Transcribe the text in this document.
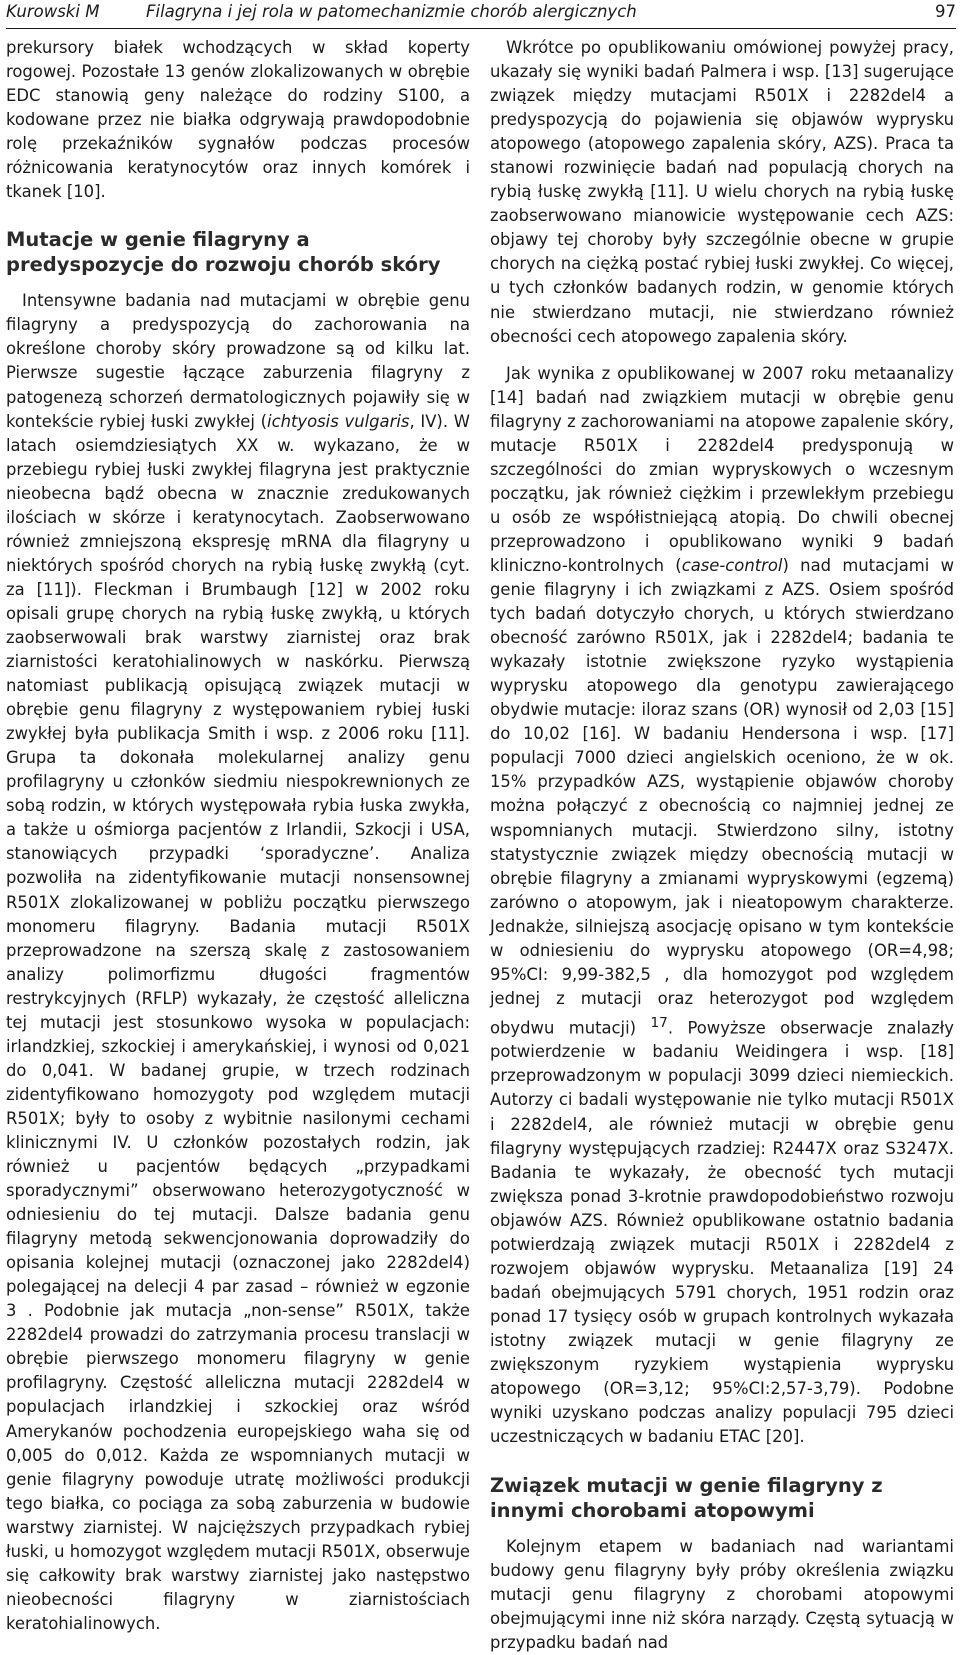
Kurowski M	Filagryna i jej rola w patomechanizmie chorób alergicznych	97

prekursory białek wchodzących w skład koperty rogowej. Pozostałe 13 genów zlokalizowanych w obrębie EDC stanowią geny należące do rodziny S100, a kodowane przez nie białka odgrywają prawdopodobnie rolę przekaźników sygnałów podczas procesów różnicowania keratynocytów oraz innych komórek i tkanek [10].

Mutacje w genie filagryny a predyspozycje do rozwoju chorób skóry

Intensywne badania nad mutacjami w obrębie genu filagryny a predyspozycją do zachorowania na określone choroby skóry prowadzone są od kilku lat. Pierwsze sugestie łączące zaburzenia filagryny z patogenezą schorzeń dermatologicznych pojawiły się w kontekście rybiej łuski zwykłej (ichtyosis vulgaris, IV). W latach osiemdziesiątych XX w. wykazano, że w przebiegu rybiej łuski zwykłej filagryna jest praktycznie nieobecna bądź obecna w znacznie zredukowanych ilościach w skórze i keratynocytach. Zaobserwowano również zmniejszoną ekspresję mRNA dla filagryny u niektórych spośród chorych na rybią łuskę zwykłą (cyt. za [11]). Fleckman i Brumbaugh [12] w 2002 roku opisali grupę chorych na rybią łuskę zwykłą, u których zaobserwowali brak warstwy ziarnistej oraz brak ziarnistości keratohialinowych w naskórku. Pierwszą natomiast publikacją opisującą związek mutacji w obrębie genu filagryny z występowaniem rybiej łuski zwykłej była publikacja Smith i wsp. z 2006 roku [11]. Grupa ta dokonała molekularnej analizy genu profilagryny u członków siedmiu niespokrewnionych ze sobą rodzin, w których występowała rybia łuska zwykła, a także u ośmiorga pacjentów z Irlandii, Szkocji i USA, stanowiących przypadki ‘sporadyczne’. Analiza pozwoliła na zidentyfikowanie mutacji nonsensownej R501X zlokalizowanej w pobliżu początku pierwszego monomeru filagryny. Badania mutacji R501X przeprowadzone na szerszą skalę z zastosowaniem analizy polimorfizmu długości fragmentów restrykcyjnych (RFLP) wykazały, że częstość alleliczna tej mutacji jest stosunkowo wysoka w populacjach: irlandzkiej, szkockiej i amerykańskiej, i wynosi od 0,021 do 0,041. W badanej grupie, w trzech rodzinach zidentyfikowano homozygoty pod względem mutacji R501X; były to osoby z wybitnie nasilonymi cechami klinicznymi IV. U członków pozostałych rodzin, jak również u pacjentów będących „przypadkami sporadycznymi” obserwowano heterozygotyczność w odniesieniu do tej mutacji. Dalsze badania genu filagryny metodą sekwencjonowania doprowadziły do opisania kolejnej mutacji (oznaczonej jako 2282del4) polegającej na delecji 4 par zasad – również w egzonie 3 . Podobnie jak mutacja „non-sense” R501X, także 2282del4 prowadzi do zatrzymania procesu translacji w obrębie pierwszego monomeru filagryny w genie profilagryny. Częstość alleliczna mutacji 2282del4 w populacjach irlandzkiej i szkockiej oraz wśród Amerykanów pochodzenia europejskiego waha się od 0,005 do 0,012. Każda ze wspomnianych mutacji w genie filagryny powoduje utratę możliwości produkcji tego białka, co pociąga za sobą zaburzenia w budowie warstwy ziarnistej. W najcięższych przypadkach rybiej łuski, u homozygot względem mutacji R501X, obserwuje się całkowity brak warstwy ziarnistej jako następstwo nieobecności filagryny w ziarnistościach keratohialinowych.

Wkrótce po opublikowaniu omówionej powyżej pracy, ukazały się wyniki badań Palmera i wsp. [13] sugerujące związek między mutacjami R501X i 2282del4 a predyspozycją do pojawienia się objawów wyprysku atopowego (atopowego zapalenia skóry, AZS). Praca ta stanowi rozwinięcie badań nad populacją chorych na rybią łuskę zwykłą [11]. U wielu chorych na rybią łuskę zaobserwowano mianowicie występowanie cech AZS: objawy tej choroby były szczególnie obecne w grupie chorych na ciężką postać rybiej łuski zwykłej. Co więcej, u tych członków badanych rodzin, w genomie których nie stwierdzano mutacji, nie stwierdzano również obecności cech atopowego zapalenia skóry.

Jak wynika z opublikowanej w 2007 roku metaanalizy [14] badań nad związkiem mutacji w obrębie genu filagryny z zachorowaniami na atopowe zapalenie skóry, mutacje R501X i 2282del4 predysponują w szczególności do zmian wypryskowych o wczesnym początku, jak również ciężkim i przewlekłym przebiegu u osób ze współistniejącą atopią. Do chwili obecnej przeprowadzono i opublikowano wyniki 9 badań kliniczno-kontrolnych (case-control) nad mutacjami w genie filagryny i ich związkami z AZS. Osiem spośród tych badań dotyczyło chorych, u których stwierdzano obecność zarówno R501X, jak i 2282del4; badania te wykazały istotnie zwiększone ryzyko wystąpienia wyprysku atopowego dla genotypu zawierającego obydwie mutacje: iloraz szans (OR) wynosił od 2,03 [15] do 10,02 [16]. W badaniu Hendersona i wsp. [17] populacji 7000 dzieci angielskich oceniono, że w ok. 15% przypadków AZS, wystąpienie objawów choroby można połączyć z obecnością co najmniej jednej ze wspomnianych mutacji. Stwierdzono silny, istotny statystycznie związek między obecnością mutacji w obrębie filagryny a zmianami wypryskowymi (egzemą) zarówno o atopowym, jak i nieatopowym charakterze. Jednakże, silniejszą asocjację opisano w tym kontekście w odniesieniu do wyprysku atopowego (OR=4,98; 95%CI: 9,99-382,5 , dla homozygot pod względem jednej z mutacji oraz heterozygot pod względem obydwu mutacji) $^{17}$. Powyższe obserwacje znalazły potwierdzenie w badaniu Weidingera i wsp. [18] przeprowadzonym w populacji 3099 dzieci niemieckich. Autorzy ci badali występowanie nie tylko mutacji R501X i 2282del4, ale również mutacji w obrębie genu filagryny występujących rzadziej: R2447X oraz S3247X. Badania te wykazały, że obecność tych mutacji zwiększa ponad 3-krotnie prawdopodobieństwo rozwoju objawów AZS. Również opublikowane ostatnio badania potwierdzają związek mutacji R501X i 2282del4 z rozwojem objawów wyprysku. Metaanaliza [19] 24 badań obejmujących 5791 chorych, 1951 rodzin oraz ponad 17 tysięcy osób w grupach kontrolnych wykazała istotny związek mutacji w genie filagryny ze zwiększonym ryzykiem wystąpienia wyprysku atopowego (OR=3,12; 95%CI:2,57-3,79). Podobne wyniki uzyskano podczas analizy populacji 795 dzieci uczestniczących w badaniu ETAC [20].

Związek mutacji w genie filagryny z innymi chorobami atopowymi

Kolejnym etapem w badaniach nad wariantami budowy genu filagryny były próby określenia związku mutacji genu filagryny z chorobami atopowymi obejmującymi inne niż skóra narządy. Częstą sytuacją w przypadku badań nad
